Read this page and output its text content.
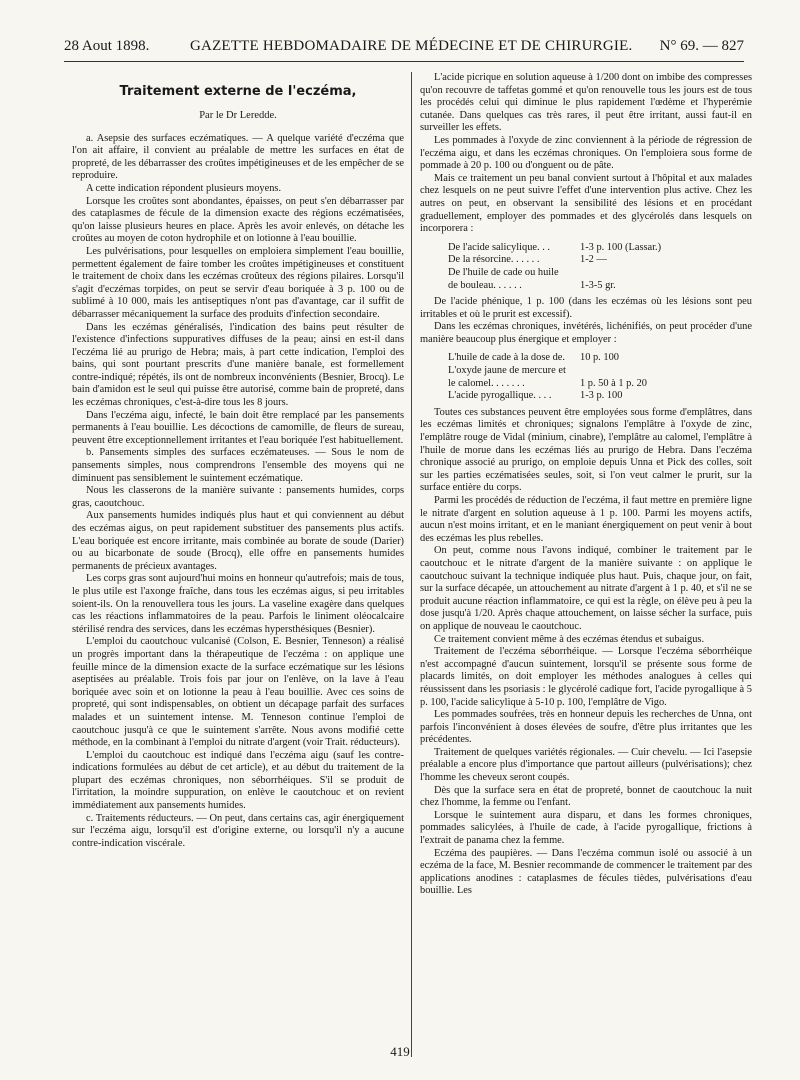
28 Aout 1898.	GAZETTE HEBDOMADAIRE DE MÉDECINE ET DE CHIRURGIE. N° 69. — 827
Traitement externe de l'eczéma,
Par le Dr Leredde.

a. Asepsie des surfaces eczématiques. — A quelque variété d'eczéma que l'on ait affaire, il convient au préalable de mettre les surfaces en état de propreté, de les débarrasser des croûtes impétigineuses et de les empêcher de se reproduire.

A cette indication répondent plusieurs moyens.

Lorsque les croûtes sont abondantes, épaisses, on peut s'en débarrasser par des cataplasmes de fécule de la dimension exacte des régions eczématisées, qu'on laisse plusieurs heures en place. Après les avoir enlevés, on détache les croûtes au moyen de coton hydrophile et on lotionne à l'eau bouillie.

Les pulvérisations, pour lesquelles on emploiera simplement l'eau bouillie, permettent également de faire tomber les croûtes impétigineuses et constituent le traitement de choix dans les eczémas croûteux des régions pilaires. Lorsqu'il s'agit d'eczémas torpides, on peut se servir d'eau boriquée à 3 p. 100 ou de sublimé à 10 000, mais les antiseptiques n'ont pas d'avantage, car il suffit de débarrasser mécaniquement la surface des produits d'infection secondaire.

Dans les eczémas généralisés, l'indication des bains peut résulter de l'existence d'infections suppuratives diffuses de la peau; ainsi en est-il dans l'eczéma lié au prurigo de Hebra; mais, à part cette indication, l'emploi des bains, qui sont pourtant prescrits d'une manière banale, est formellement contre-indiqué; répétés, ils ont de nombreux inconvénients (Besnier, Brocq). Le bain d'amidon est le seul qui puisse être autorisé, comme bain de propreté, dans les eczémas chroniques, c'est-à-dire tous les 8 jours.

Dans l'eczéma aigu, infecté, le bain doit être remplacé par les pansements permanents à l'eau bouillie. Les décoctions de camomille, de fleurs de sureau, peuvent être exceptionnellement irritantes et l'eau boriquée l'est habituellement.

b. Pansements simples des surfaces eczémateuses. — Sous le nom de pansements simples, nous comprendrons l'ensemble des moyens qui ne diminuent pas sensiblement le suintement eczématique.

Nous les classerons de la manière suivante : pansements humides, corps gras, caoutchouc.

Aux pansements humides indiqués plus haut et qui conviennent au début des eczémas aigus, on peut rapidement substituer des pansements plus actifs. L'eau boriquée est encore irritante, mais combinée au borate de soude (Darier) ou au bicarbonate de soude (Brocq), elle offre en pansements humides permanents de précieux avantages.

Les corps gras sont aujourd'hui moins en honneur qu'autrefois; mais de tous, le plus utile est l'axonge fraîche, dans tous les eczémas aigus, si peu irritables soient-ils. On la renouvellera tous les jours. La vaseline exagère dans quelques cas les réactions inflammatoires de la peau. Parfois le liniment oléocalcaire stérilisé rendra des services, dans les eczémas hypersthésiques (Besnier).

L'emploi du caoutchouc vulcanisé (Colson, E. Besnier, Tenneson) a réalisé un progrès important dans la thérapeutique de l'eczéma : on applique une feuille mince de la dimension exacte de la surface eczématique sur les lésions aseptisées au préalable. Trois fois par jour on l'enlève, on la lave à l'eau boriquée avec soin et on lotionne la peau à l'eau bouillie. Avec ces soins de propreté, qui sont indispensables, on obtient un décapage parfait des surfaces malades et un suintement intense. M. Tenneson continue l'emploi de caoutchouc jusqu'à ce que le suintement s'arrête. Nous avons modifié cette méthode, en la combinant à l'emploi du nitrate d'argent (voir Trait. réducteurs).

L'emploi du caoutchouc est indiqué dans l'eczéma aigu (sauf les contre-indications formulées au début de cet article), et au début du traitement de la plupart des eczémas chroniques, non séborrhéiques. S'il se produit de l'irritation, la moindre suppuration, on enlève le caoutchouc et on revient immédiatement aux pansements humides.

c. Traitements réducteurs. — On peut, dans certains cas, agir énergiquement sur l'eczéma aigu, lorsqu'il est d'origine externe, ou lorsqu'il n'y a aucune contre-indication viscérale.

L'acide picrique en solution aqueuse à 1/200 dont on imbibe des compresses qu'on recouvre de taffetas gommé et qu'on renouvelle tous les jours est de tous les procédés celui qui diminue le plus rapidement l'œdème et l'hyperémie cutanée. Dans quelques cas très rares, il peut être irritant, aussi faut-il en surveiller les effets.

Les pommades à l'oxyde de zinc conviennent à la période de régression de l'eczéma aigu, et dans les eczémas chroniques. On l'emploiera sous forme de pommade à 20 p. 100 ou d'onguent ou de pâte.

Mais ce traitement un peu banal convient surtout à l'hôpital et aux malades chez lesquels on ne peut suivre l'effet d'une intervention plus active. Chez les autres on peut, en observant la sensibilité des lésions et en procédant graduellement, employer des pommades et des glycérolés dans lesquels on incorporera :

De l'acide salicylique. . .	1-3 p. 100 (Lassar.)
De la résorcine. . . . . .	1-2 —
De l'huile de cade ou huile
de bouleau. . . . . .	1-3-5 gr.

De l'acide phénique, 1 p. 100 (dans les eczémas où les lésions sont peu irritables et où le prurit est excessif).

Dans les eczémas chroniques, invétérés, lichénifiés, on peut procéder d'une manière beaucoup plus énergique et employer :

L'huile de cade à la dose de.	10 p. 100
L'oxyde jaune de mercure et
le calomel. . . . . . .	1 p. 50 à 1 p. 20
L'acide pyrogallique. . . .	1-3 p. 100

Toutes ces substances peuvent être employées sous forme d'emplâtres, dans les eczémas limités et chroniques; signalons l'emplâtre à l'oxyde de zinc, l'emplâtre rouge de Vidal (minium, cinabre), l'emplâtre au calomel, l'emplâtre à l'huile de morue dans les eczémas liés au prurigo de Hebra. Dans l'eczéma chronique associé au prurigo, on emploie depuis Unna et Pick des colles, soit sur les parties eczématisées seules, soit, si l'on veut calmer le prurit, sur la surface entière du corps.

Parmi les procédés de réduction de l'eczéma, il faut mettre en première ligne le nitrate d'argent en solution aqueuse à 1 p. 100. Parmi les moyens actifs, aucun n'est moins irritant, et en le maniant énergiquement on peut venir à bout des eczémas les plus rebelles.

On peut, comme nous l'avons indiqué, combiner le traitement par le caoutchouc et le nitrate d'argent de la manière suivante : on applique le caoutchouc suivant la technique indiquée plus haut. Puis, chaque jour, on fait, sur la surface décapée, un attouchement au nitrate d'argent à 1 p. 40, et s'il ne se produit aucune réaction inflammatoire, ce qui est la règle, on élève peu à peu la dose jusqu'à 1/20. Après chaque attouchement, on laisse sécher la surface, puis on applique de nouveau le caoutchouc.

Ce traitement convient même à des eczémas étendus et subaigus.

Traitement de l'eczéma séborrhéique. — Lorsque l'eczéma séborrhéique n'est accompagné d'aucun suintement, lorsqu'il se présente sous forme de placards limités, on doit employer les méthodes analogues à celles qui réussissent dans les psoriasis : le glycérolé cadique fort, l'acide pyrogallique à 5 p. 100, l'acide salicylique à 5-10 p. 100, l'emplâtre de Vigo.

Les pommades soufrées, très en honneur depuis les recherches de Unna, ont parfois l'inconvénient à doses élevées de soufre, d'être plus irritantes que les précédentes.

Traitement de quelques variétés régionales. — Cuir chevelu. — Ici l'asepsie préalable a encore plus d'importance que partout ailleurs (pulvérisations); chez l'homme les cheveux seront coupés.

Dès que la surface sera en état de propreté, bonnet de caoutchouc la nuit chez l'homme, la femme ou l'enfant.

Lorsque le suintement aura disparu, et dans les formes chroniques, pommades salicylées, à l'huile de cade, à l'acide pyrogallique, frictions à l'extrait de panama chez la femme.

Eczéma des paupières. — Dans l'eczéma commun isolé ou associé à un eczéma de la face, M. Besnier recommande de commencer le traitement par des applications anodines : cataplasmes de fécules tièdes, pulvérisations d'eau bouillie. Les

419
